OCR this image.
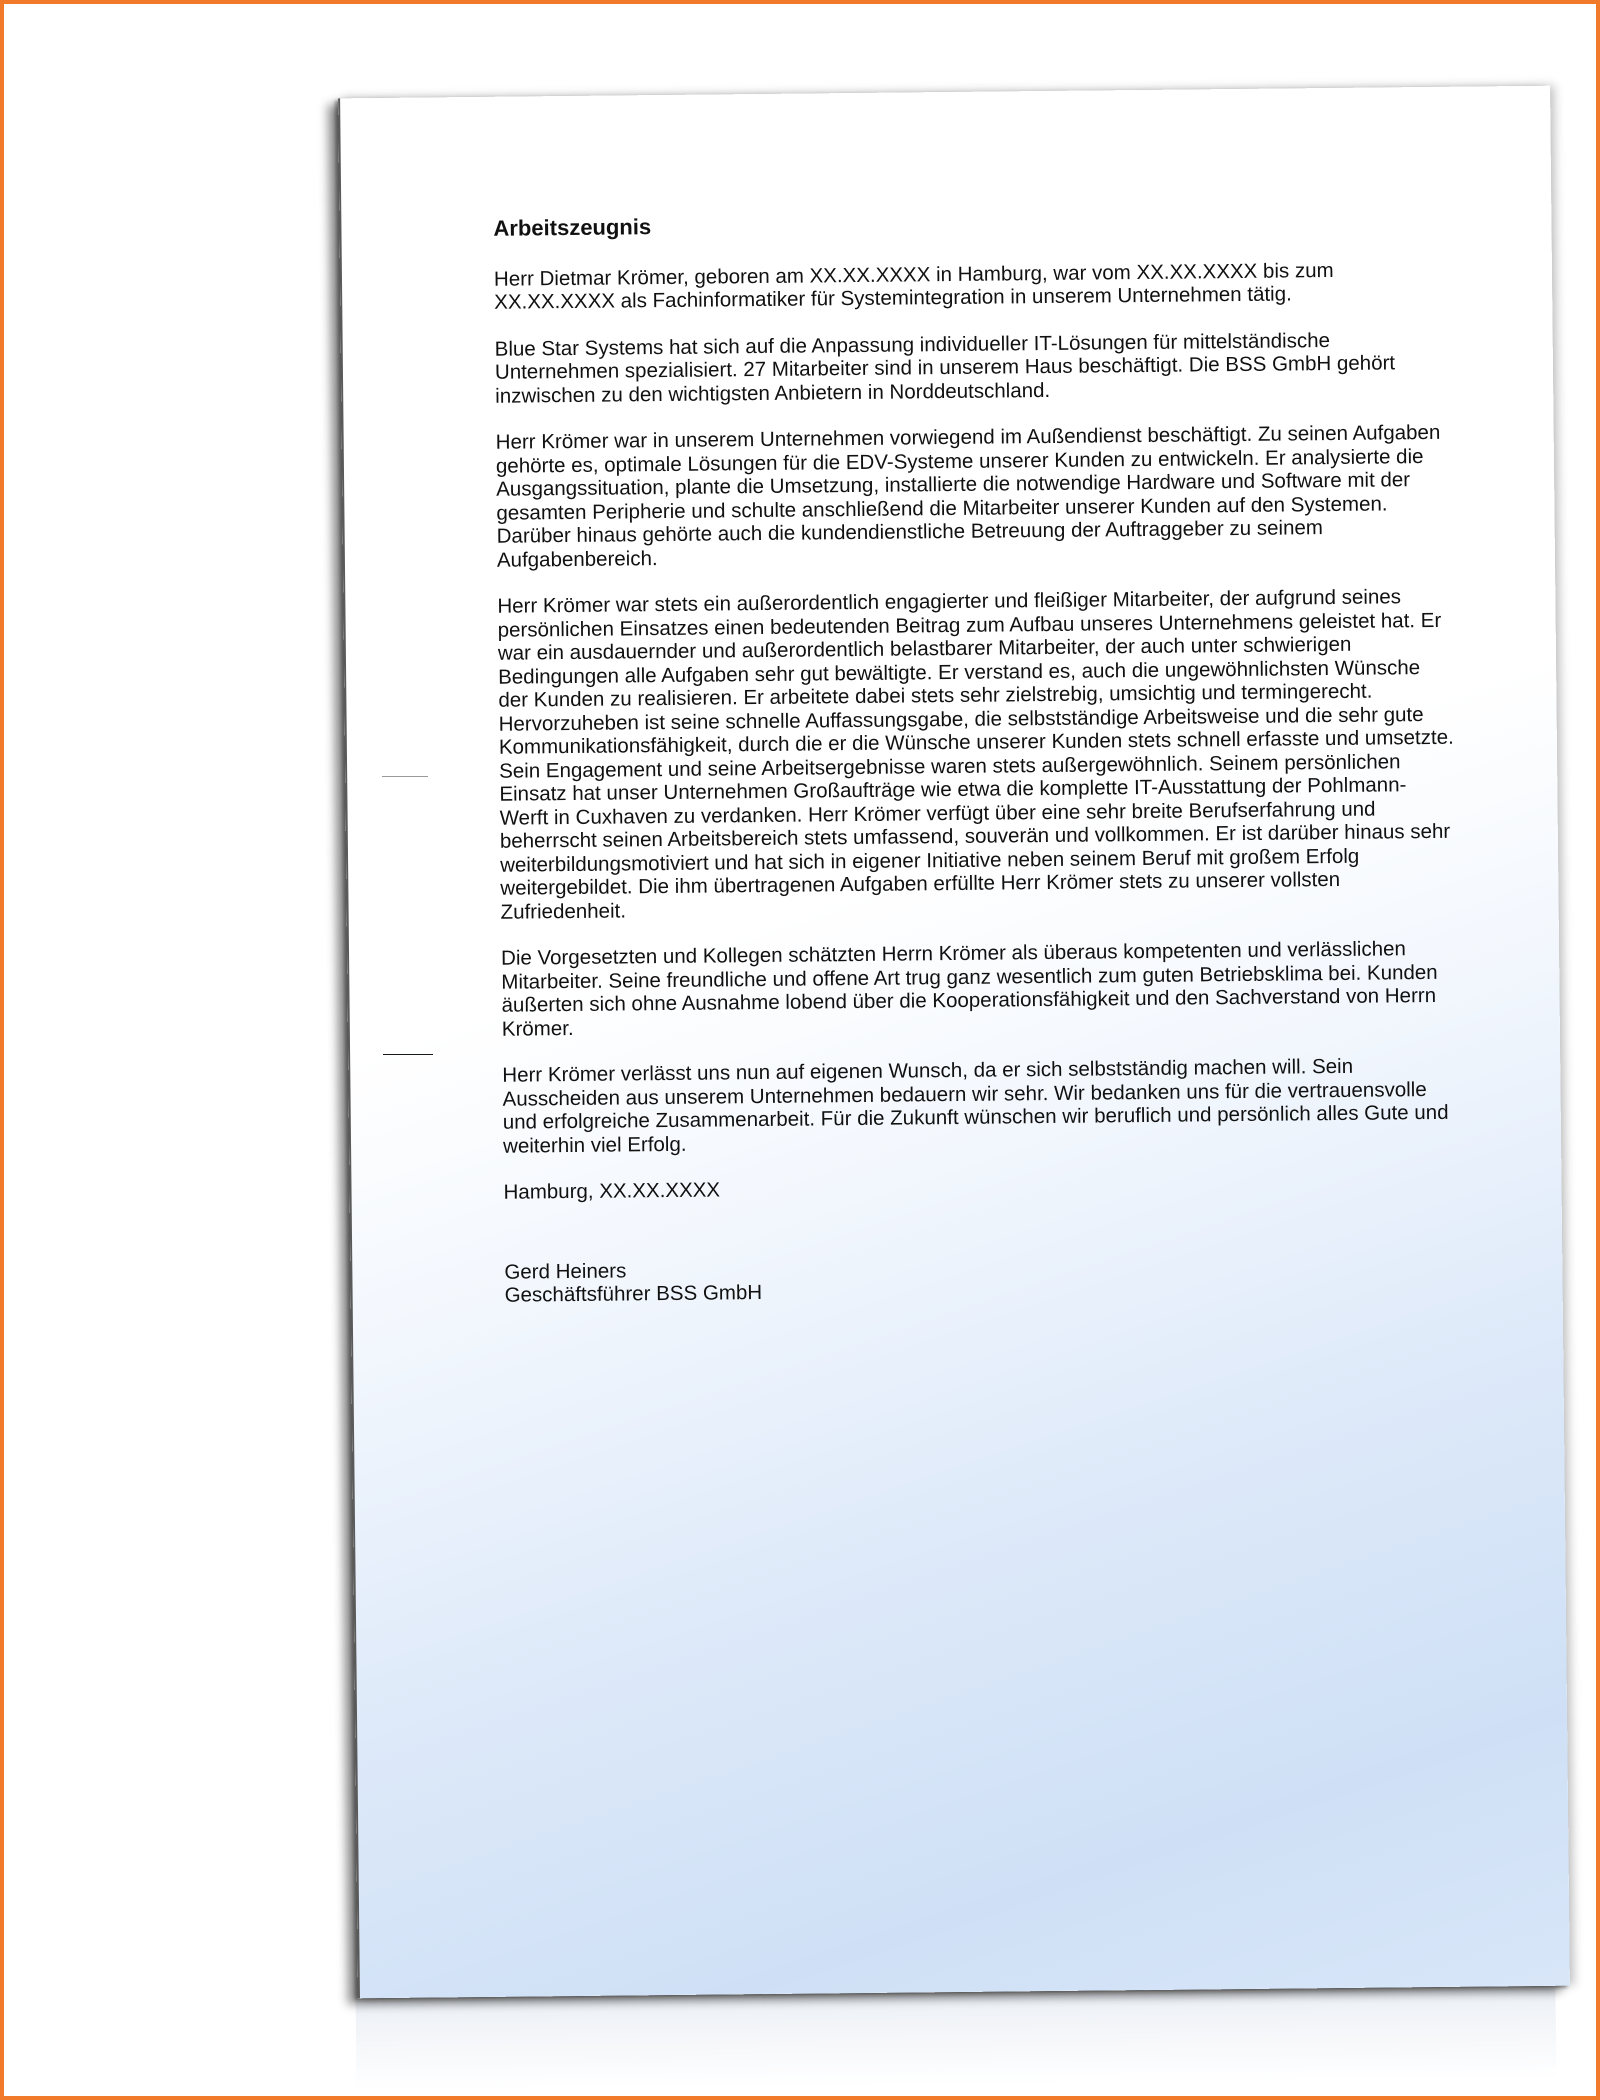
Arbeitszeugnis
Herr Dietmar Krömer, geboren am XX.XX.XXXX in Hamburg, war vom XX.XX.XXXX bis zum
XX.XX.XXXX als Fachinformatiker für Systemintegration in unserem Unternehmen tätig.
Blue Star Systems hat sich auf die Anpassung individueller IT-Lösungen für mittelständische
Unternehmen spezialisiert. 27 Mitarbeiter sind in unserem Haus beschäftigt. Die BSS GmbH gehört
inzwischen zu den wichtigsten Anbietern in Norddeutschland.
Herr Krömer war in unserem Unternehmen vorwiegend im Außendienst beschäftigt. Zu seinen Aufgaben
gehörte es, optimale Lösungen für die EDV-Systeme unserer Kunden zu entwickeln. Er analysierte die
Ausgangssituation, plante die Umsetzung, installierte die notwendige Hardware und Software mit der
gesamten Peripherie und schulte anschließend die Mitarbeiter unserer Kunden auf den Systemen.
Darüber hinaus gehörte auch die kundendienstliche Betreuung der Auftraggeber zu seinem
Aufgabenbereich.
Herr Krömer war stets ein außerordentlich engagierter und fleißiger Mitarbeiter, der aufgrund seines
persönlichen Einsatzes einen bedeutenden Beitrag zum Aufbau unseres Unternehmens geleistet hat. Er
war ein ausdauernder und außerordentlich belastbarer Mitarbeiter, der auch unter schwierigen
Bedingungen alle Aufgaben sehr gut bewältigte. Er verstand es, auch die ungewöhnlichsten Wünsche
der Kunden zu realisieren. Er arbeitete dabei stets sehr zielstrebig, umsichtig und termingerecht.
Hervorzuheben ist seine schnelle Auffassungsgabe, die selbstständige Arbeitsweise und die sehr gute
Kommunikationsfähigkeit, durch die er die Wünsche unserer Kunden stets schnell erfasste und umsetzte.
Sein Engagement und seine Arbeitsergebnisse waren stets außergewöhnlich. Seinem persönlichen
Einsatz hat unser Unternehmen Großaufträge wie etwa die komplette IT-Ausstattung der Pohlmann-
Werft in Cuxhaven zu verdanken. Herr Krömer verfügt über eine sehr breite Berufserfahrung und
beherrscht seinen Arbeitsbereich stets umfassend, souverän und vollkommen. Er ist darüber hinaus sehr
weiterbildungsmotiviert und hat sich in eigener Initiative neben seinem Beruf mit großem Erfolg
weitergebildet. Die ihm übertragenen Aufgaben erfüllte Herr Krömer stets zu unserer vollsten
Zufriedenheit.
Die Vorgesetzten und Kollegen schätzten Herrn Krömer als überaus kompetenten und verlässlichen
Mitarbeiter. Seine freundliche und offene Art trug ganz wesentlich zum guten Betriebsklima bei. Kunden
äußerten sich ohne Ausnahme lobend über die Kooperationsfähigkeit und den Sachverstand von Herrn
Krömer.
Herr Krömer verlässt uns nun auf eigenen Wunsch, da er sich selbstständig machen will. Sein
Ausscheiden aus unserem Unternehmen bedauern wir sehr. Wir bedanken uns für die vertrauensvolle
und erfolgreiche Zusammenarbeit. Für die Zukunft wünschen wir beruflich und persönlich alles Gute und
weiterhin viel Erfolg.
Hamburg, XX.XX.XXXX
Gerd Heiners
Geschäftsführer BSS GmbH
